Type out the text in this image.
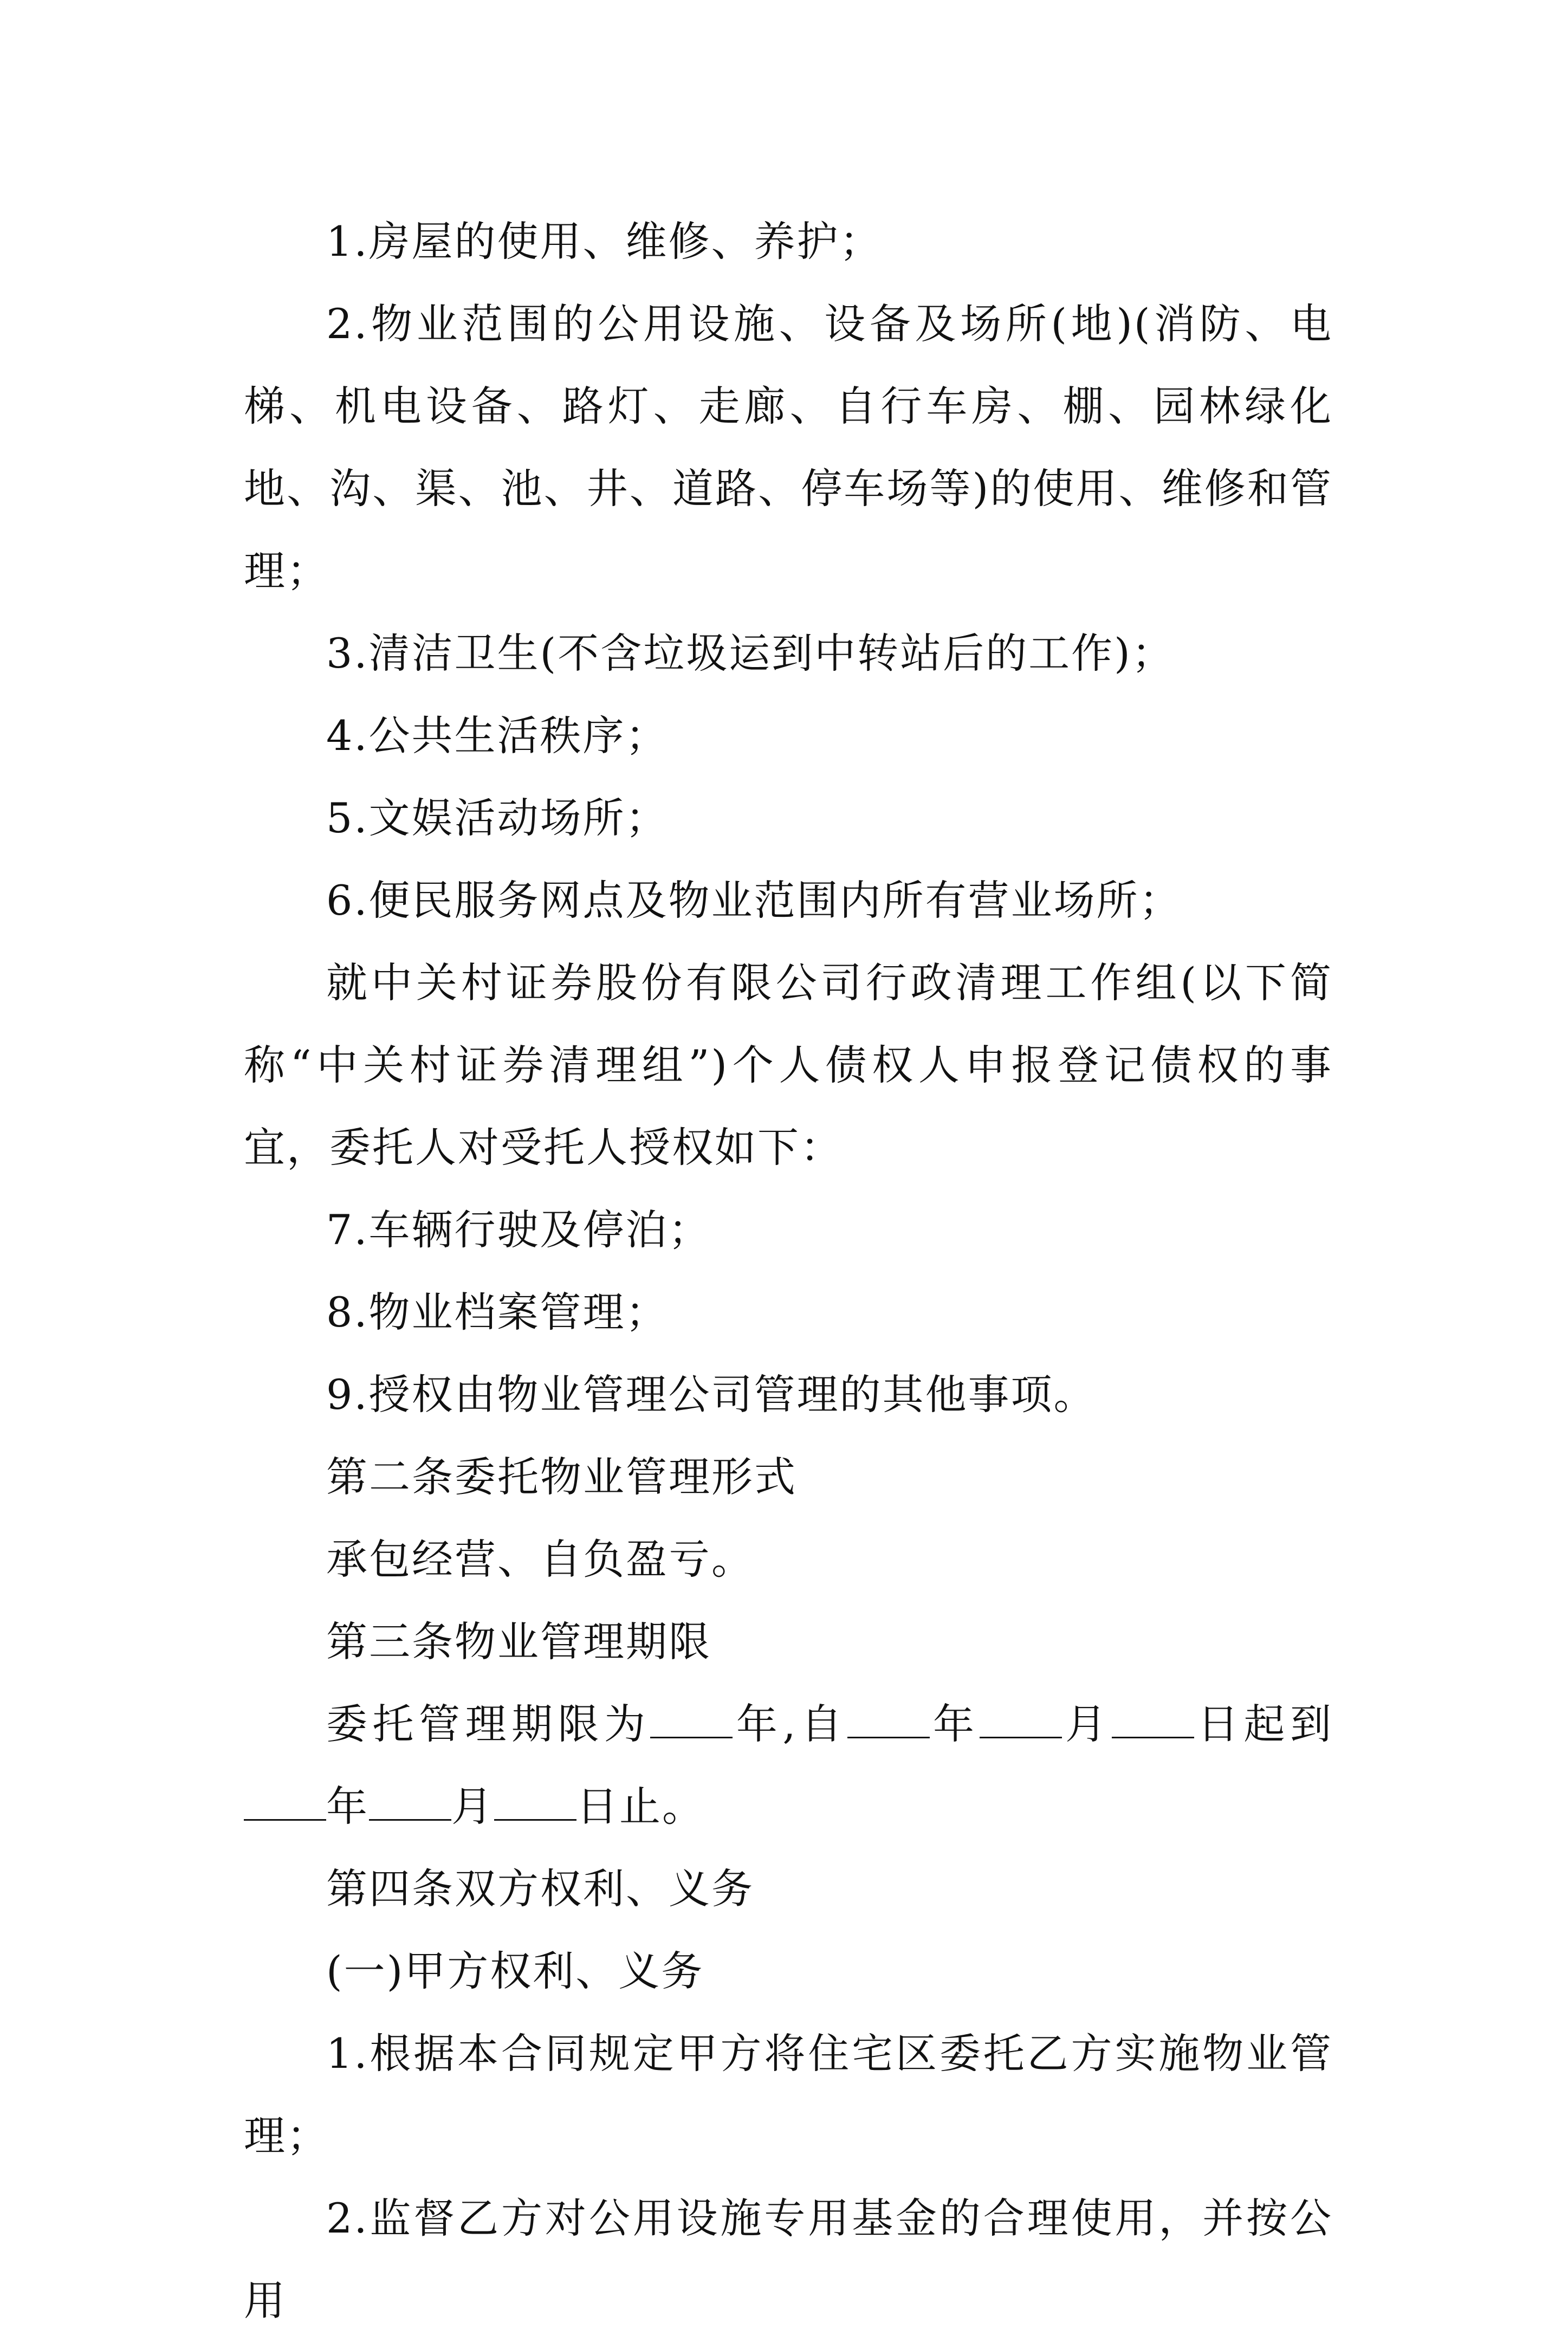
1.房屋的使用、维修、养护；

2.物业范围的公用设施、设备及场所(地)(消防、电梯、机电设备、路灯、走廊、自行车房、棚、园林绿化地、沟、渠、池、井、道路、停车场等)的使用、维修和管理；

3.清洁卫生(不含垃圾运到中转站后的工作)；

4.公共生活秩序；

5.文娱活动场所；

6.便民服务网点及物业范围内所有营业场所；

就中关村证券股份有限公司行政清理工作组(以下简称“中关村证券清理组”)个人债权人申报登记债权的事宜，委托人对受托人授权如下：

7.车辆行驶及停泊；

8.物业档案管理；

9.授权由物业管理公司管理的其他事项。

第二条委托物业管理形式

承包经营、自负盈亏。

第三条物业管理期限

委托管理期限为 年,自 年 月 日起到年 月 日止。

第四条双方权利、义务

(一)甲方权利、义务

1.根据本合同规定甲方将住宅区委托乙方实施物业管理；

2.监督乙方对公用设施专用基金的合理使用，并按公用
